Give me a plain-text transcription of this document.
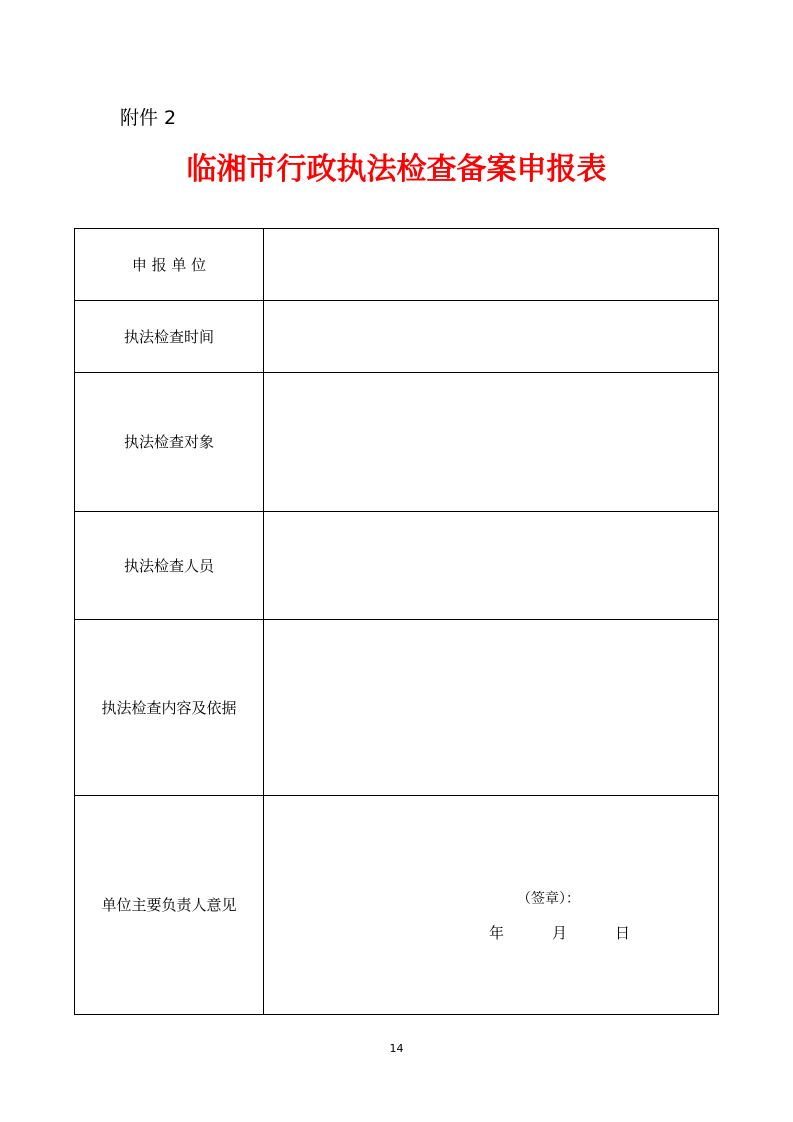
附件 2
临湘市行政执法检查备案申报表
申 报 单 位	
执法检查时间	
执法检查对象	
执法检查人员	
执法检查内容及依据	
单位主要负责人意见	（签章）：
年 月 日
14
